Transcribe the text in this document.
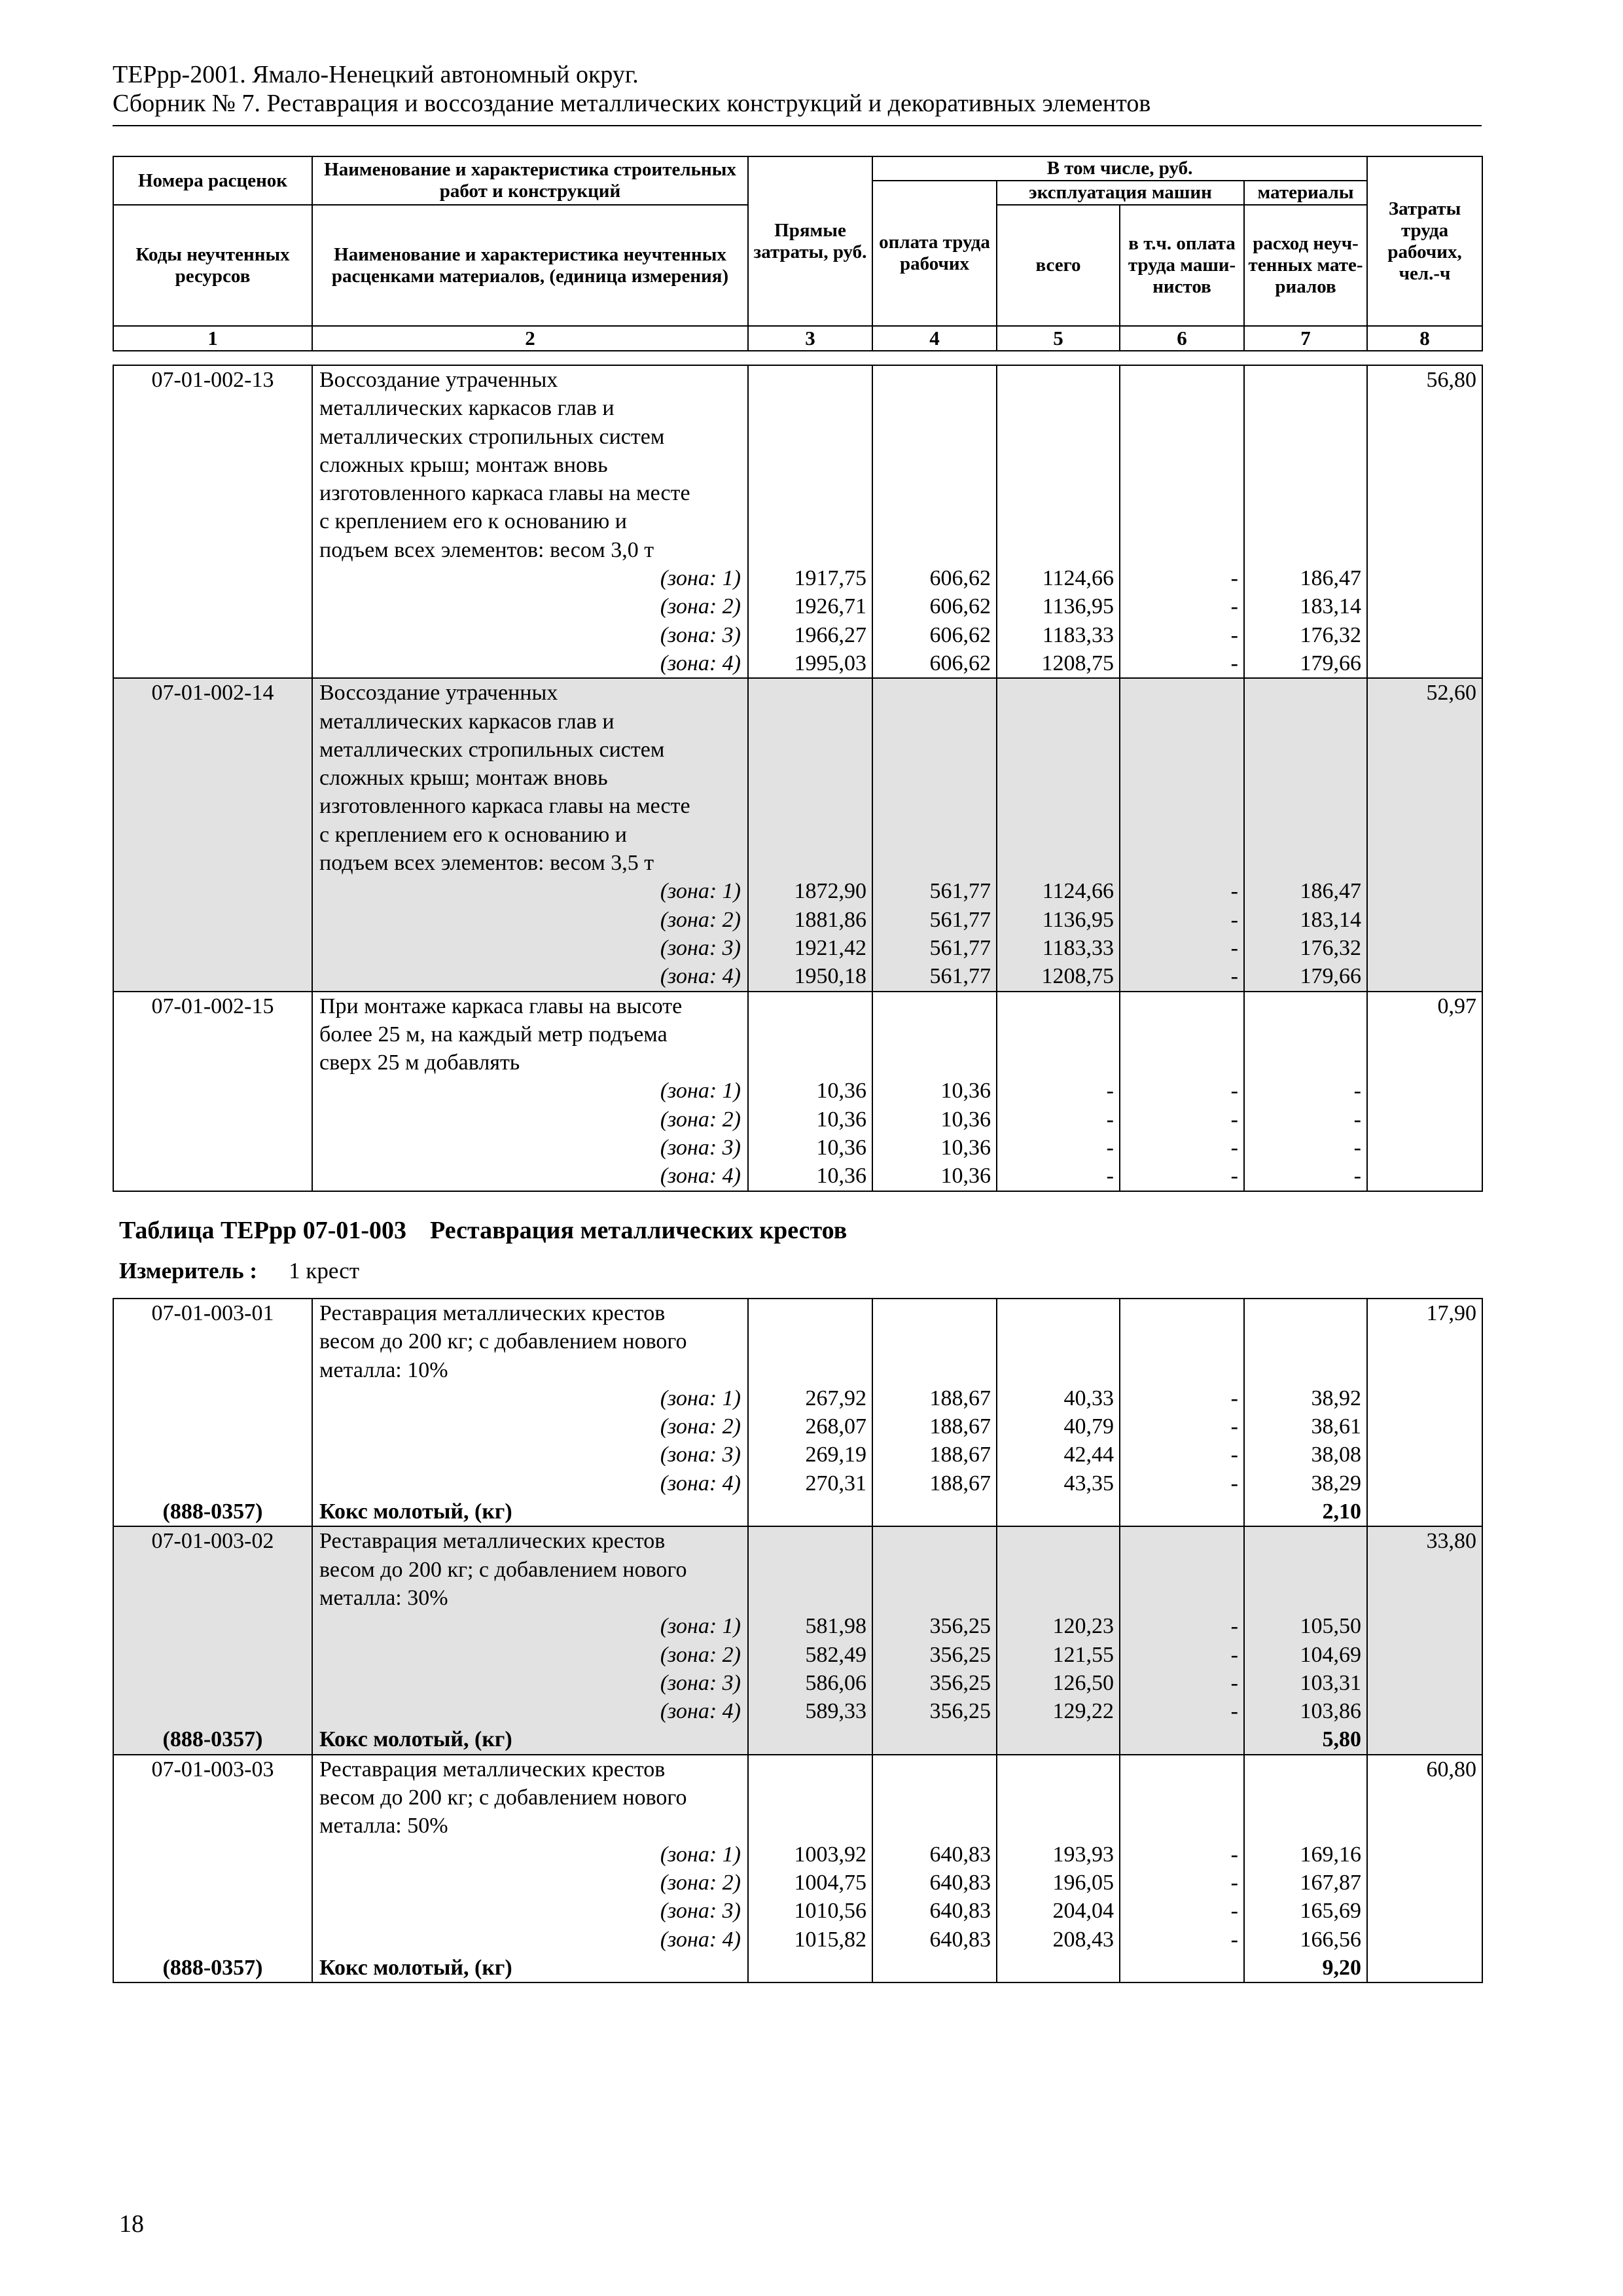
ТЕРрр-2001. Ямало-Ненецкий автономный округ.
Сборник № 7. Реставрация и воссоздание металлических конструкций и декоративных элементов
Номера расценок	Наименование и характеристика строительных работ и конструкций	Прямые затраты, руб.	В том числе, руб.				Затраты труда рабочих, чел.-ч
			оплата труда рабочих	эксплуатация машин		материалы	
Коды неучтенных ресурсов	Наименование и характеристика неучтенных расценками материалов, (единица измерения)			всего	в т.ч. оплата труда маши-нистов	расход неуч-тенных мате-риалов	

1	2	3	4	5	6	7	8
07-01-002-13	Воссоздание утраченных						56,80
	металлических каркасов глав и						
	металлических стропильных систем						
	сложных крыш; монтаж вновь						
	изготовленного каркаса главы на месте						
	с креплением его к основанию и						
	подъем всех элементов: весом 3,0 т						
	(зона: 1)	1917,75	606,62	1124,66	-	186,47	
	(зона: 2)	1926,71	606,62	1136,95	-	183,14	
	(зона: 3)	1966,27	606,62	1183,33	-	176,32	
	(зона: 4)	1995,03	606,62	1208,75	-	179,66	
07-01-002-14	Воссоздание утраченных						52,60
	металлических каркасов глав и						
	металлических стропильных систем						
	сложных крыш; монтаж вновь						
	изготовленного каркаса главы на месте						
	с креплением его к основанию и						
	подъем всех элементов: весом 3,5 т						
	(зона: 1)	1872,90	561,77	1124,66	-	186,47	
	(зона: 2)	1881,86	561,77	1136,95	-	183,14	
	(зона: 3)	1921,42	561,77	1183,33	-	176,32	
	(зона: 4)	1950,18	561,77	1208,75	-	179,66	
07-01-002-15	При монтаже каркаса главы на высоте						0,97
	более 25 м, на каждый метр подъема						
	сверх 25 м добавлять						
	(зона: 1)	10,36	10,36	-	-	-	
	(зона: 2)	10,36	10,36	-	-	-	
	(зона: 3)	10,36	10,36	-	-	-	
	(зона: 4)	10,36	10,36	-	-	-	
Таблица ТЕРрр 07-01-003 Реставрация металлических крестов
Измеритель : 1 крест
07-01-003-01	Реставрация металлических крестов						17,90
	весом до 200 кг; с добавлением нового						
	металла: 10%						
	(зона: 1)	267,92	188,67	40,33	-	38,92	
	(зона: 2)	268,07	188,67	40,79	-	38,61	
	(зона: 3)	269,19	188,67	42,44	-	38,08	
	(зона: 4)	270,31	188,67	43,35	-	38,29	
(888-0357)	Кокс молотый, (кг)					2,10	
07-01-003-02	Реставрация металлических крестов						33,80
	весом до 200 кг; с добавлением нового						
	металла: 30%						
	(зона: 1)	581,98	356,25	120,23	-	105,50	
	(зона: 2)	582,49	356,25	121,55	-	104,69	
	(зона: 3)	586,06	356,25	126,50	-	103,31	
	(зона: 4)	589,33	356,25	129,22	-	103,86	
(888-0357)	Кокс молотый, (кг)					5,80	
07-01-003-03	Реставрация металлических крестов						60,80
	весом до 200 кг; с добавлением нового						
	металла: 50%						
	(зона: 1)	1003,92	640,83	193,93	-	169,16	
	(зона: 2)	1004,75	640,83	196,05	-	167,87	
	(зона: 3)	1010,56	640,83	204,04	-	165,69	
	(зона: 4)	1015,82	640,83	208,43	-	166,56	
(888-0357)	Кокс молотый, (кг)					9,20	
18
